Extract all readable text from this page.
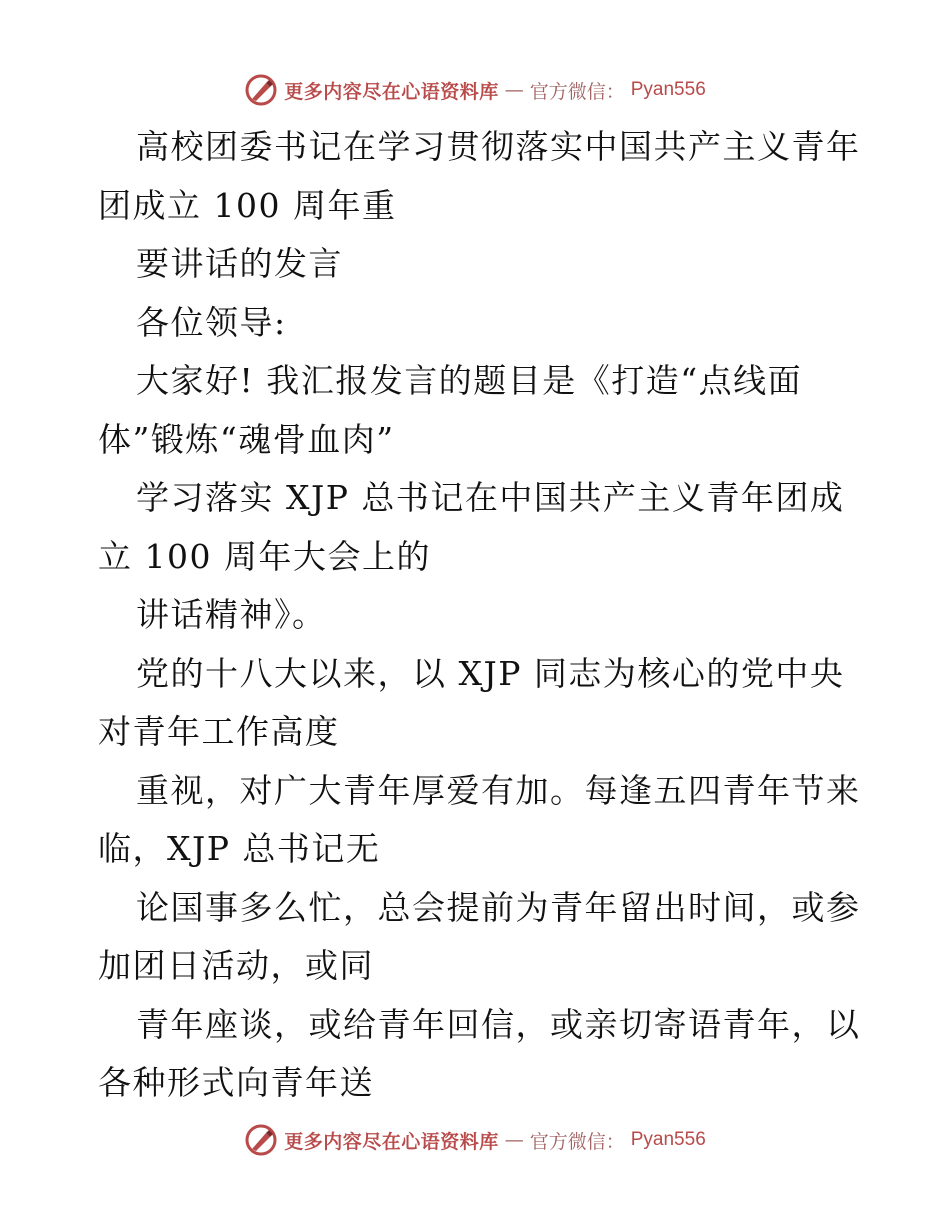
更多内容尽在心语资料库 — 官方微信： Pyan556
高校团委书记在学习贯彻落实中国共产主义青年
团成立 100 周年重
要讲话的发言
各位领导:
大家好! 我汇报发言的题目是《打造“点线面
体”锻炼“魂骨血肉”
学习落实 XJP 总书记在中国共产主义青年团成
立 100 周年大会上的
讲话精神》。
党的十八大以来，以 XJP 同志为核心的党中央
对青年工作高度
重视，对广大青年厚爱有加。每逢五四青年节来
临，XJP 总书记无
论国事多么忙，总会提前为青年留出时间，或参
加团日活动，或同
青年座谈，或给青年回信，或亲切寄语青年，以
各种形式向青年送
更多内容尽在心语资料库 — 官方微信： Pyan556
